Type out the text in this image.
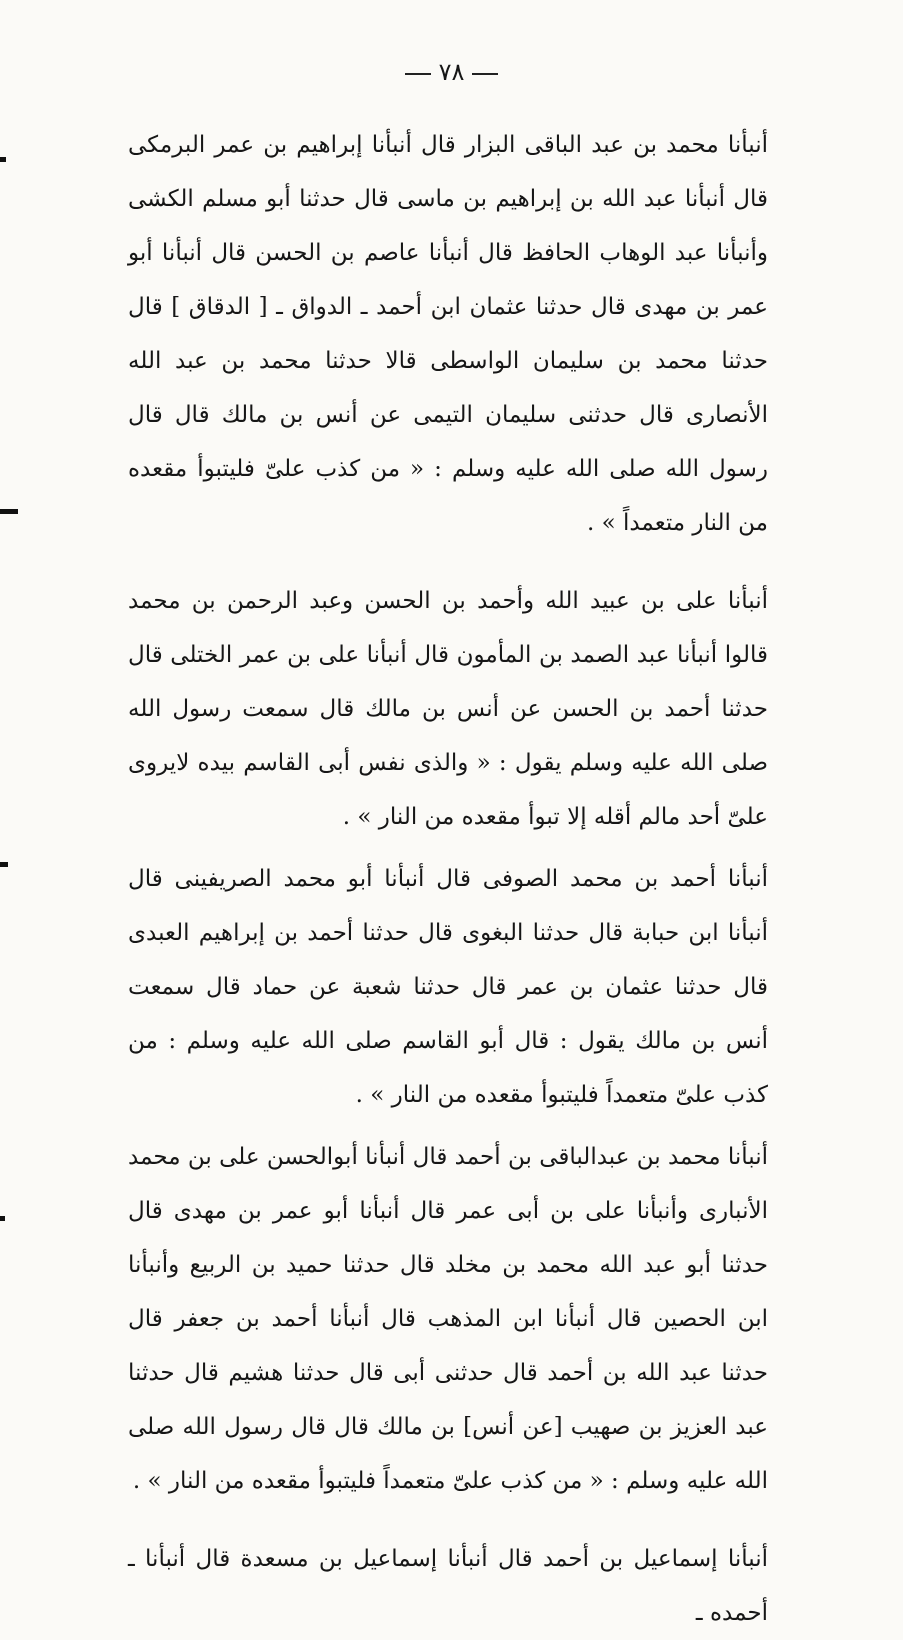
٧٨

أنبأنا محمد بن عبد الباقى البزار قال أنبأنا إبراهيم بن عمر البرمكى قال أنبأنا عبد الله بن إبراهيم بن ماسى قال حدثنا أبو مسلم الكشى وأنبأنا عبد الوهاب الحافظ قال أنبأنا عاصم بن الحسن قال أنبأنا أبو عمر بن مهدى قال حدثنا عثمان ابن أحمد ـ الدواق ـ [ الدقاق ] قال حدثنا محمد بن سليمان الواسطى قالا حدثنا محمد بن عبد الله الأنصارى قال حدثنى سليمان التيمى عن أنس بن مالك قال قال رسول الله صلى الله عليه وسلم : « من كذب علىّ فليتبوأ مقعده من النار متعمداً » .

أنبأنا على بن عبيد الله وأحمد بن الحسن وعبد الرحمن بن محمد قالوا أنبأنا عبد الصمد بن المأمون قال أنبأنا على بن عمر الختلى قال حدثنا أحمد بن الحسن عن أنس بن مالك قال سمعت رسول الله صلى الله عليه وسلم يقول : « والذى نفس أبى القاسم بيده لايروى علىّ أحد مالم أقله إلا تبوأ مقعده من النار » .

أنبأنا أحمد بن محمد الصوفى قال أنبأنا أبو محمد الصريفينى قال أنبأنا ابن حبابة قال حدثنا البغوى قال حدثنا أحمد بن إبراهيم العبدى قال حدثنا عثمان بن عمر قال حدثنا شعبة عن حماد قال سمعت أنس بن مالك يقول : قال أبو القاسم صلى الله عليه وسلم : من كذب علىّ متعمداً فليتبوأ مقعده من النار » .

أنبأنا محمد بن عبدالباقى بن أحمد قال أنبأنا أبوالحسن على بن محمد الأنبارى وأنبأنا على بن أبى عمر قال أنبأنا أبو عمر بن مهدى قال حدثنا أبو عبد الله محمد بن مخلد قال حدثنا حميد بن الربيع وأنبأنا ابن الحصين قال أنبأنا ابن المذهب قال أنبأنا أحمد بن جعفر قال حدثنا عبد الله بن أحمد قال حدثنى أبى قال حدثنا هشيم قال حدثنا عبد العزيز بن صهيب [عن أنس] بن مالك قال قال رسول الله صلى الله عليه وسلم : « من كذب علىّ متعمداً فليتبوأ مقعده من النار » .

أنبأنا إسماعيل بن أحمد قال أنبأنا إسماعيل بن مسعدة قال أنبأنا ـ أحمده ـ
